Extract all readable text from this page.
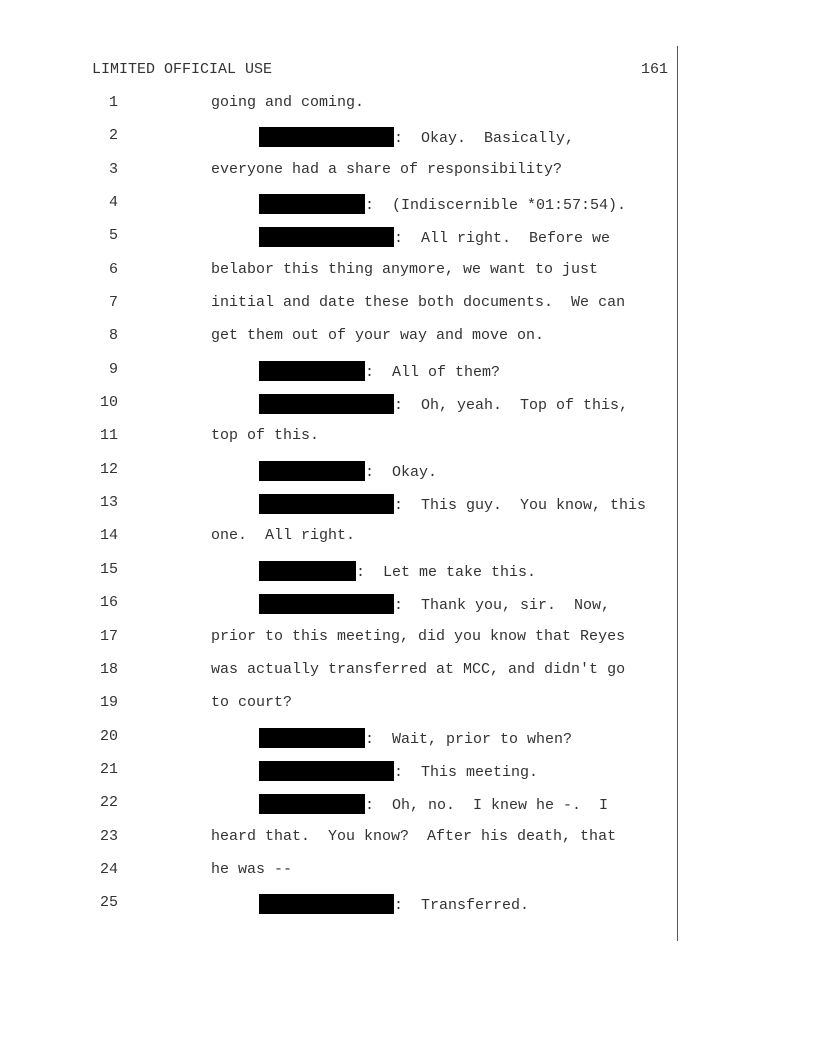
LIMITED OFFICIAL USE	161
1	going and coming.
2	:  Okay.  Basically,
3	everyone had a share of responsibility?
4	:  (Indiscernible *01:57:54).
5	:  All right.  Before we
6	belabor this thing anymore, we want to just
7	initial and date these both documents.  We can
8	get them out of your way and move on.
9	:  All of them?
10	:  Oh, yeah.  Top of this,
11	top of this.
12	:  Okay.
13	:  This guy.  You know, this
14	one.  All right.
15	:  Let me take this.
16	:  Thank you, sir.  Now,
17	prior to this meeting, did you know that Reyes
18	was actually transferred at MCC, and didn't go
19	to court?
20	:  Wait, prior to when?
21	:  This meeting.
22	:  Oh, no.  I knew he -.  I
23	heard that.  You know?  After his death, that
24	he was --
25	:  Transferred.
